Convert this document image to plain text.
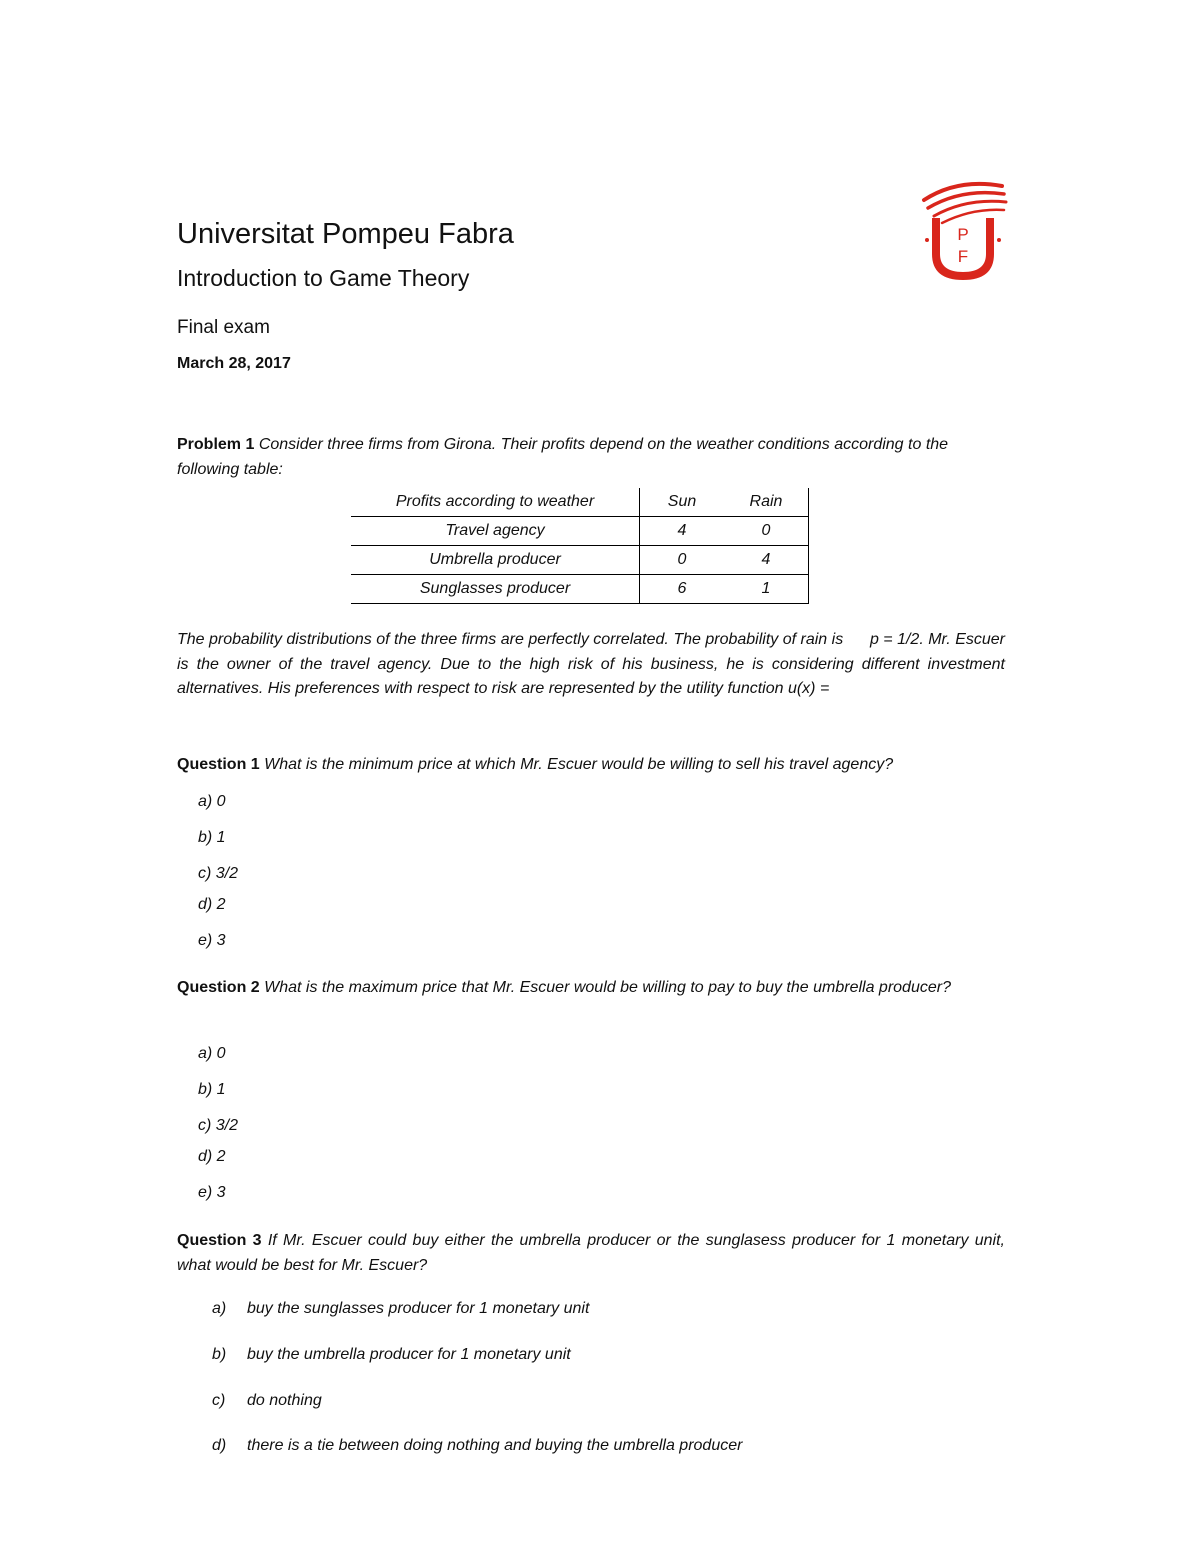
Universitat Pompeu Fabra
Introduction to Game Theory
Final exam
March 28, 2017
P
F
U
Problem 1 Consider three firms from Girona. Their profits depend on the weather conditions according to the following table:
Profits according to weather	Sun	Rain
Travel agency	4	0
Umbrella producer	0	4
Sunglasses producer	6	1
The probability distributions of the three firms are perfectly correlated. The probability of rain is      p = 1/2. Mr. Escuer is the owner of the travel agency. Due to the high risk of his business, he is considering different investment alternatives. His preferences with respect to risk are represented by the utility function u(x) =
Question 1 What is the minimum price at which Mr. Escuer would be willing to sell his travel agency?
a) 0
b) 1
c) 3/2
d) 2
e) 3
Question 2 What is the maximum price that Mr. Escuer would be willing to pay to buy the umbrella producer?
a) 0
b) 1
c) 3/2
d) 2
e) 3
Question 3 If Mr. Escuer could buy either the umbrella producer or the sunglasess producer for 1 monetary unit, what would be best for Mr. Escuer?
a) buy the sunglasses producer for 1 monetary unit
b) buy the umbrella producer for 1 monetary unit
c) do nothing
d) there is a tie between doing nothing and buying the umbrella producer
